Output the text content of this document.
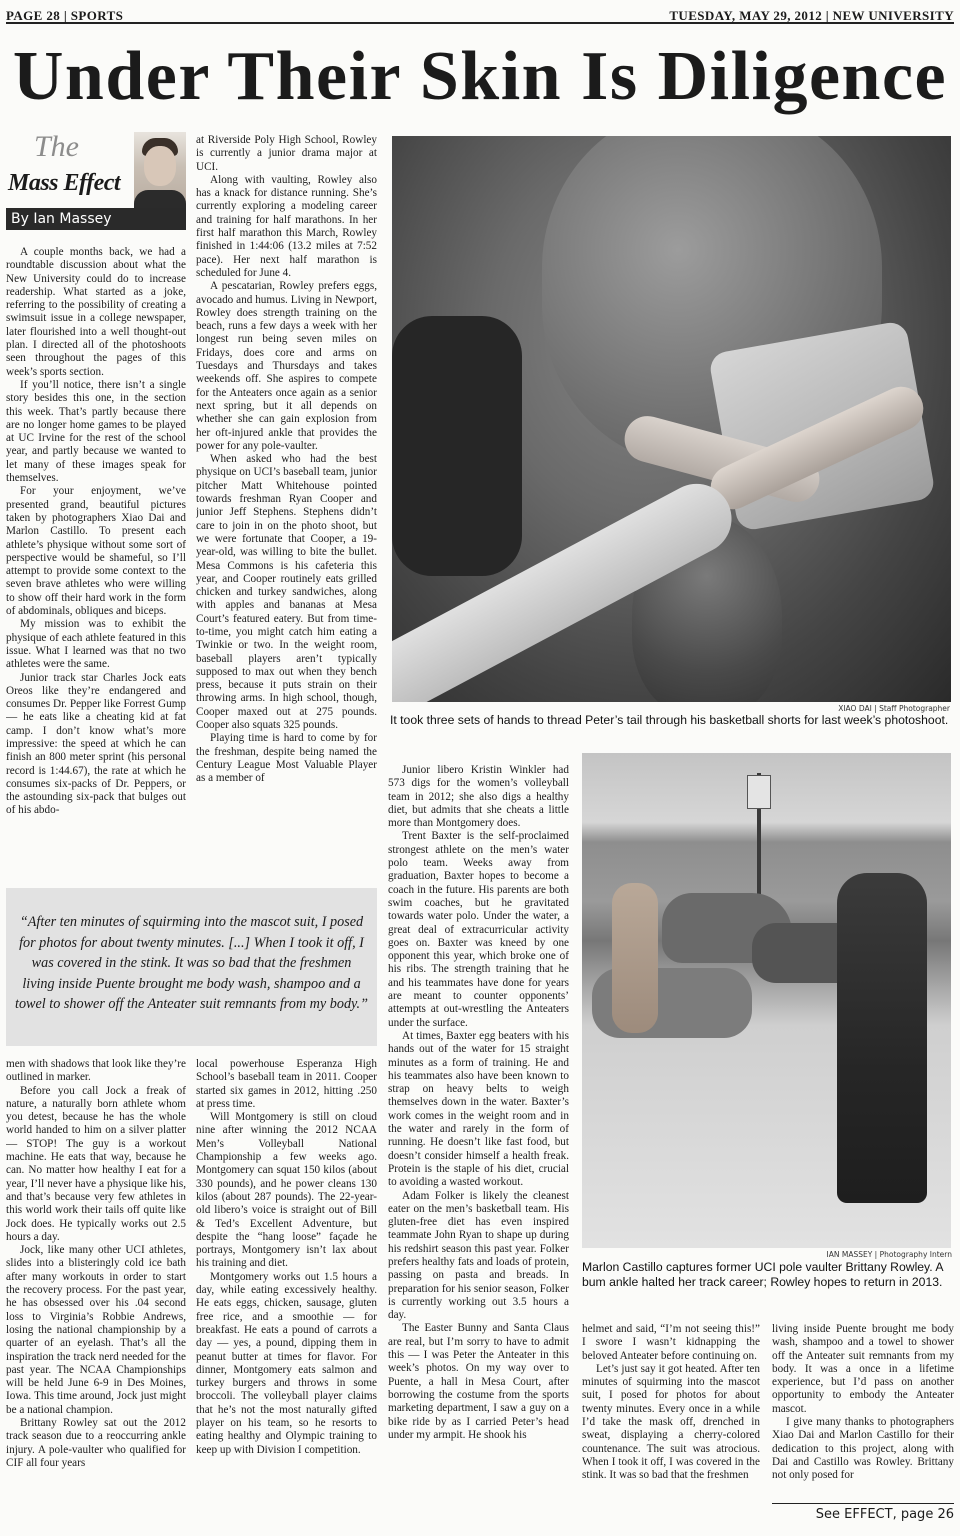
PAGE 28 | SPORTS	TUESDAY, MAY 29, 2012 | NEW UNIVERSITY
Under Their Skin Is Diligence
The
Mass Effect
By Ian Massey

A couple months back, we had a roundtable discussion about what the New University could do to increase readership. What started as a joke, referring to the possibility of creating a swimsuit issue in a college newspaper, later flourished into a well thought-out plan. I directed all of the photoshoots seen throughout the pages of this week’s sports section.

If you’ll notice, there isn’t a single story besides this one, in the section this week. That’s partly because there are no longer home games to be played at UC Irvine for the rest of the school year, and partly because we wanted to let many of these images speak for themselves.

For your enjoyment, we’ve presented grand, beautiful pictures taken by photographers Xiao Dai and Marlon Castillo. To present each athlete’s physique without some sort of perspective would be shameful, so I’ll attempt to provide some context to the seven brave athletes who were willing to show off their hard work in the form of abdominals, obliques and biceps.

My mission was to exhibit the physique of each athlete featured in this issue. What I learned was that no two athletes were the same.

Junior track star Charles Jock eats Oreos like they’re endangered and consumes Dr. Pepper like Forrest Gump — he eats like a cheating kid at fat camp. I don’t know what’s more impressive: the speed at which he can finish an 800 meter sprint (his personal record is 1:44.67), the rate at which he consumes six-packs of Dr. Peppers, or the astounding six-pack that bulges out of his abdo-

at Riverside Poly High School, Rowley is currently a junior drama major at UCI.

Along with vaulting, Rowley also has a knack for distance running. She’s currently exploring a modeling career and training for half marathons. In her first half marathon this March, Rowley finished in 1:44:06 (13.2 miles at 7:52 pace). Her next half marathon is scheduled for June 4.

A pescatarian, Rowley prefers eggs, avocado and humus. Living in Newport, Rowley does strength training on the beach, runs a few days a week with her longest run being seven miles on Fridays, does core and arms on Tuesdays and Thursdays and takes weekends off. She aspires to compete for the Anteaters once again as a senior next spring, but it all depends on whether she can gain explosion from her oft-injured ankle that provides the power for any pole-vaulter.

When asked who had the best physique on UCI’s baseball team, junior pitcher Matt Whitehouse pointed towards freshman Ryan Cooper and junior Jeff Stephens. Stephens didn’t care to join in on the photo shoot, but we were fortunate that Cooper, a 19-year-old, was willing to bite the bullet. Mesa Commons is his cafeteria this year, and Cooper routinely eats grilled chicken and turkey sandwiches, along with apples and bananas at Mesa Court’s featured eatery. But from time-to-time, you might catch him eating a Twinkie or two. In the weight room, baseball players aren’t typically supposed to max out when they bench press, because it puts strain on their throwing arms. In high school, though, Cooper maxed out at 275 pounds. Cooper also squats 325 pounds.

Playing time is hard to come by for the freshman, despite being named the Century League Most Valuable Player as a member of

XIAO DAI | Staff Photographer
It took three sets of hands to thread Peter’s tail through his basketball shorts for last week’s photoshoot.
“After ten minutes of squirming into the mascot suit, I posed for photos for about twenty minutes. [...] When I took it off, I was covered in the stink. It was so bad that the freshmen living inside Puente brought me body wash, shampoo and a towel to shower off the Anteater suit remnants from my body.”

men with shadows that look like they’re outlined in marker.

Before you call Jock a freak of nature, a naturally born athlete whom you detest, because he has the whole world handed to him on a silver platter — STOP! The guy is a workout machine. He eats that way, because he can. No matter how healthy I eat for a year, I’ll never have a physique like his, and that’s because very few athletes in this world work their tails off quite like Jock does. He typically works out 2.5 hours a day.

Jock, like many other UCI athletes, slides into a blisteringly cold ice bath after many workouts in order to start the recovery process. For the past year, he has obsessed over his .04 second loss to Virginia’s Robbie Andrews, losing the national championship by a quarter of an eyelash. That’s all the inspiration the track nerd needed for the past year. The NCAA Championships will be held June 6-9 in Des Moines, Iowa. This time around, Jock just might be a national champion.

Brittany Rowley sat out the 2012 track season due to a reoccurring ankle injury. A pole-vaulter who qualified for CIF all four years

local powerhouse Esperanza High School’s baseball team in 2011. Cooper started six games in 2012, hitting .250 at press time.

Will Montgomery is still on cloud nine after winning the 2012 NCAA Men’s Volleyball National Championship a few weeks ago. Montgomery can squat 150 kilos (about 330 pounds), and he power cleans 130 kilos (about 287 pounds). The 22-year-old libero’s voice is straight out of Bill & Ted’s Excellent Adventure, but despite the “hang loose” façade he portrays, Montgomery isn’t lax about his training and diet.

Montgomery works out 1.5 hours a day, while eating excessively healthy. He eats eggs, chicken, sausage, gluten free rice, and a smoothie — for breakfast. He eats a pound of carrots a day — yes, a pound, dipping them in peanut butter at times for flavor. For dinner, Montgomery eats salmon and turkey burgers and throws in some broccoli. The volleyball player claims that he’s not the most naturally gifted player on his team, so he resorts to eating healthy and Olympic training to keep up with Division I competition.

Junior libero Kristin Winkler had 573 digs for the women’s volleyball team in 2012; she also digs a healthy diet, but admits that she cheats a little more than Montgomery does.

Trent Baxter is the self-proclaimed strongest athlete on the men’s water polo team. Weeks away from graduation, Baxter hopes to become a coach in the future. His parents are both swim coaches, but he gravitated towards water polo. Under the water, a great deal of extracurricular activity goes on. Baxter was kneed by one opponent this year, which broke one of his ribs. The strength training that he and his teammates have done for years are meant to counter opponents’ attempts at out-wrestling the Anteaters under the surface.

At times, Baxter egg beaters with his hands out of the water for 15 straight minutes as a form of training. He and his teammates also have been known to strap on heavy belts to weigh themselves down in the water. Baxter’s work comes in the weight room and in the water and rarely in the form of running. He doesn’t like fast food, but doesn’t consider himself a health freak. Protein is the staple of his diet, crucial to avoiding a wasted workout.

Adam Folker is likely the cleanest eater on the men’s basketball team. His gluten-free diet has even inspired teammate John Ryan to shape up during his redshirt season this past year. Folker prefers healthy fats and loads of protein, passing on pasta and breads. In preparation for his senior season, Folker is currently working out 3.5 hours a day.

The Easter Bunny and Santa Claus are real, but I’m sorry to have to admit this — I was Peter the Anteater in this week’s photos. On my way over to Puente, a hall in Mesa Court, after borrowing the costume from the sports marketing department, I saw a guy on a bike ride by as I carried Peter’s head under my armpit. He shook his

IAN MASSEY | Photography Intern
Marlon Castillo captures former UCI pole vaulter Brittany Rowley. A bum ankle halted her track career; Rowley hopes to return in 2013.

helmet and said, “I’m not seeing this!” I swore I wasn’t kidnapping the beloved Anteater before continuing on.

Let’s just say it got heated. After ten minutes of squirming into the mascot suit, I posed for photos for about twenty minutes. Every once in a while I’d take the mask off, drenched in sweat, displaying a cherry-colored countenance. The suit was atrocious. When I took it off, I was covered in the stink. It was so bad that the freshmen

living inside Puente brought me body wash, shampoo and a towel to shower off the Anteater suit remnants from my body. It was a once in a lifetime experience, but I’d pass on another opportunity to embody the Anteater mascot.

I give many thanks to photographers Xiao Dai and Marlon Castillo for their dedication to this project, along with Dai and Castillo was Rowley. Brittany not only posed for

See EFFECT, page 26
